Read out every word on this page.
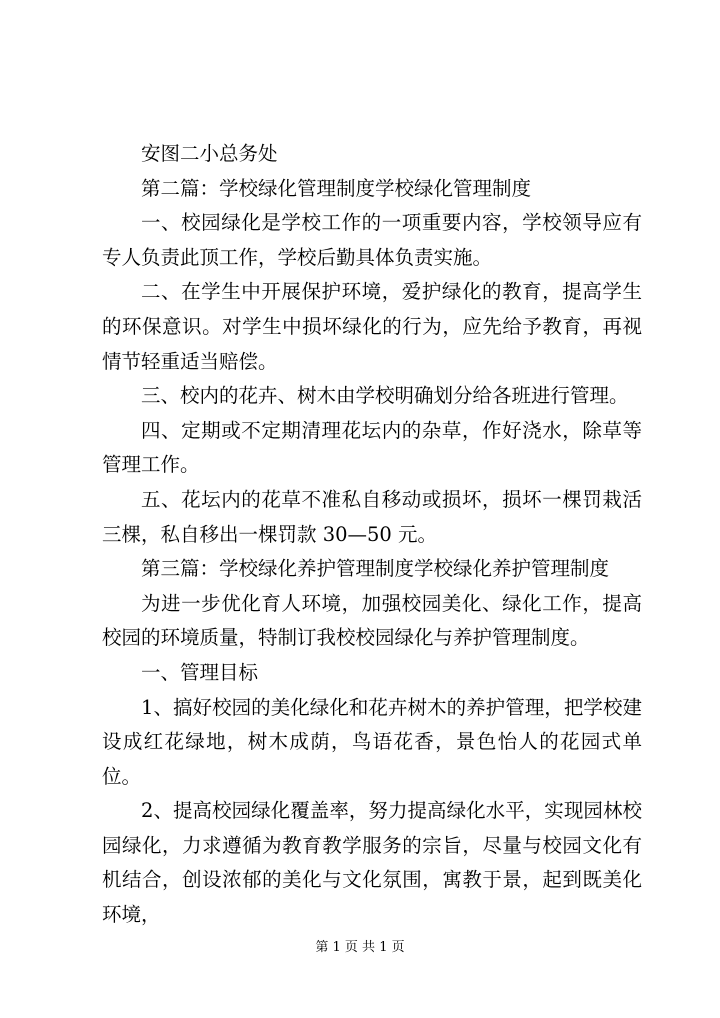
安图二小总务处

第二篇：学校绿化管理制度学校绿化管理制度

一、校园绿化是学校工作的一项重要内容，学校领导应有专人负责此顶工作，学校后勤具体负责实施。

二、在学生中开展保护环境，爱护绿化的教育，提高学生的环保意识。对学生中损坏绿化的行为，应先给予教育，再视情节轻重适当赔偿。

三、校内的花卉、树木由学校明确划分给各班进行管理。

四、定期或不定期清理花坛内的杂草，作好浇水，除草等管理工作。

五、花坛内的花草不准私自移动或损坏，损坏一棵罚栽活三棵，私自移出一棵罚款 30—50 元。

第三篇：学校绿化养护管理制度学校绿化养护管理制度

为进一步优化育人环境，加强校园美化、绿化工作，提高校园的环境质量，特制订我校校园绿化与养护管理制度。

一、管理目标

1、搞好校园的美化绿化和花卉树木的养护管理，把学校建设成红花绿地，树木成荫，鸟语花香，景色怡人的花园式单位。

2、提高校园绿化覆盖率，努力提高绿化水平，实现园林校园绿化，力求遵循为教育教学服务的宗旨，尽量与校园文化有机结合，创设浓郁的美化与文化氛围，寓教于景，起到既美化环境，

第 1 页 共 1 页
